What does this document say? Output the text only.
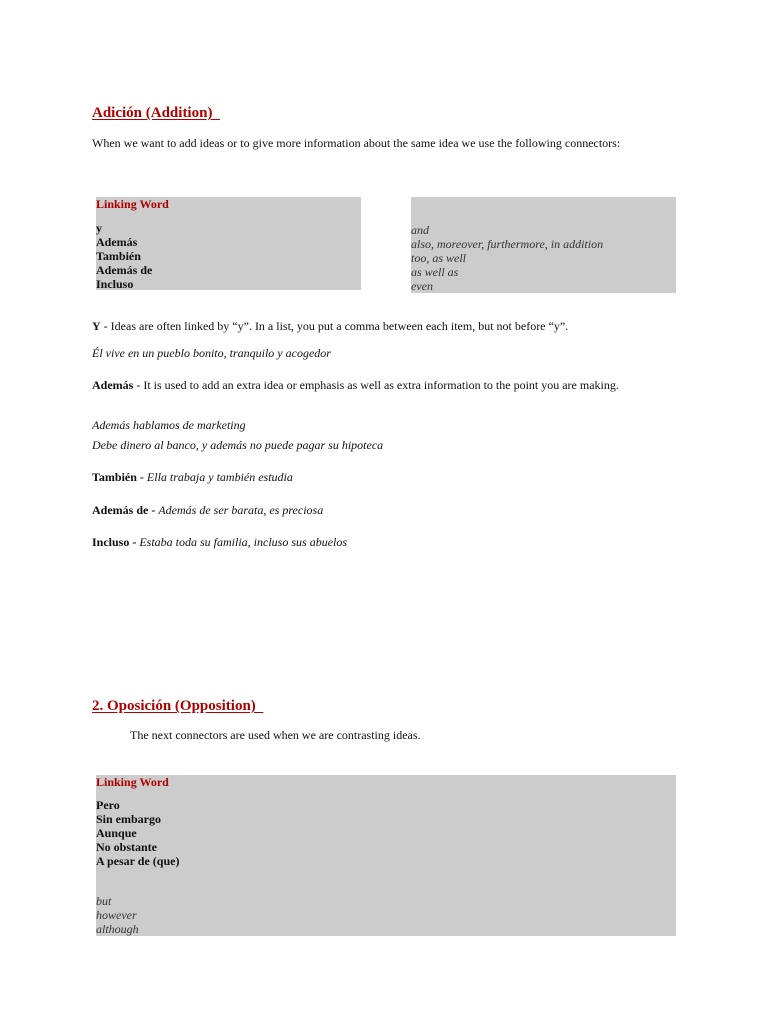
Adición (Addition)
When we want to add ideas or to give more information about the same idea we use the following connectors:
Linking Word
y
Además
También
Además de
Incluso
and
also, moreover, furthermore, in addition
too, as well
as well as
even
Y - Ideas are often linked by “y”. In a list, you put a comma between each item, but not before “y”.
Él vive en un pueblo bonito, tranquilo y acogedor
Además - It is used to add an extra idea or emphasis as well as extra information to the point you are making.
Además hablamos de marketing
Debe dinero al banco, y además no puede pagar su hipoteca
También - Ella trabaja y también estudia
Además de - Además de ser barata, es preciosa
Incluso - Estaba toda su familia, incluso sus abuelos
2. Oposición (Opposition)
The next connectors are used when we are contrasting ideas.
Linking Word
Pero
Sin embargo
Aunque
No obstante
A pesar de (que)
but
however
although
